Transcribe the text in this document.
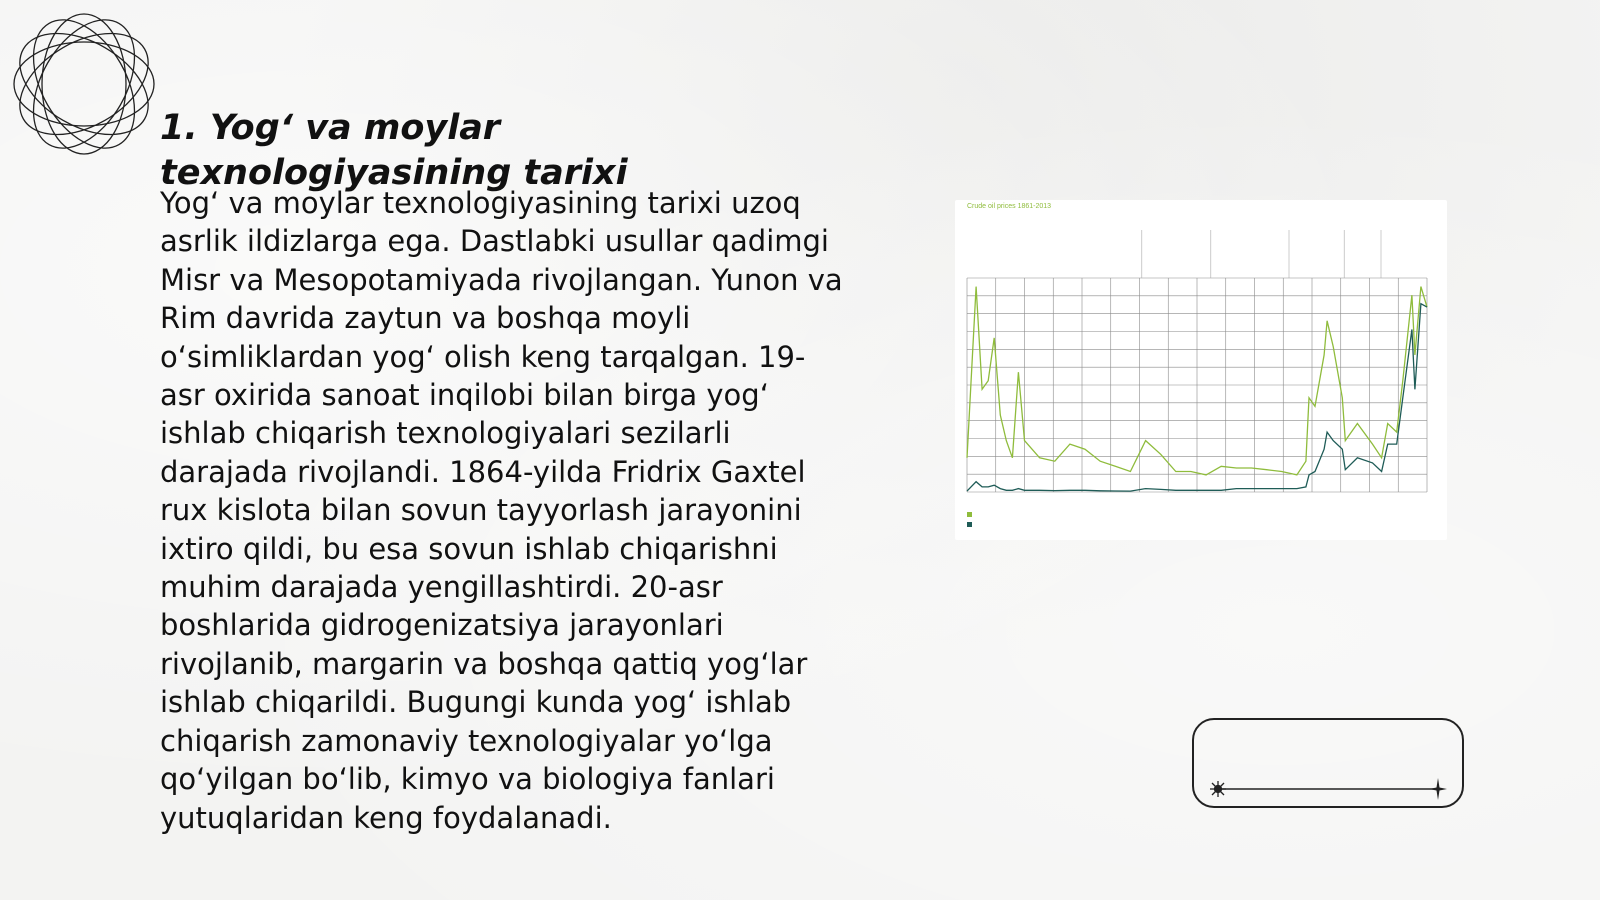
1. Yog‘ va moylar texnologiyasining tarixi

Yog‘ va moylar texnologiyasining tarixi uzoq asrlik ildizlarga ega. Dastlabki usullar qadimgi Misr va Mesopotamiyada rivojlangan. Yunon va Rim davrida zaytun va boshqa moyli o‘simliklardan yog‘ olish keng tarqalgan. 19-asr oxirida sanoat inqilobi bilan birga yog‘ ishlab chiqarish texnologiyalari sezilarli darajada rivojlandi. 1864-yilda Fridrix Gaxtel rux kislota bilan sovun tayyorlash jarayonini ixtiro qildi, bu esa sovun ishlab chiqarishni muhim darajada yengillashtirdi. 20-asr boshlarida gidrogenizatsiya jarayonlari rivojlanib, margarin va boshqa qattiq yog‘lar ishlab chiqarildi. Bugungi kunda yog‘ ishlab chiqarish zamonaviy texnologiyalar yo‘lga qo‘yilgan bo‘lib, kimyo va biologiya fanlari yutuqlaridan keng foydalanadi.

Crude oil prices 1861-2013
